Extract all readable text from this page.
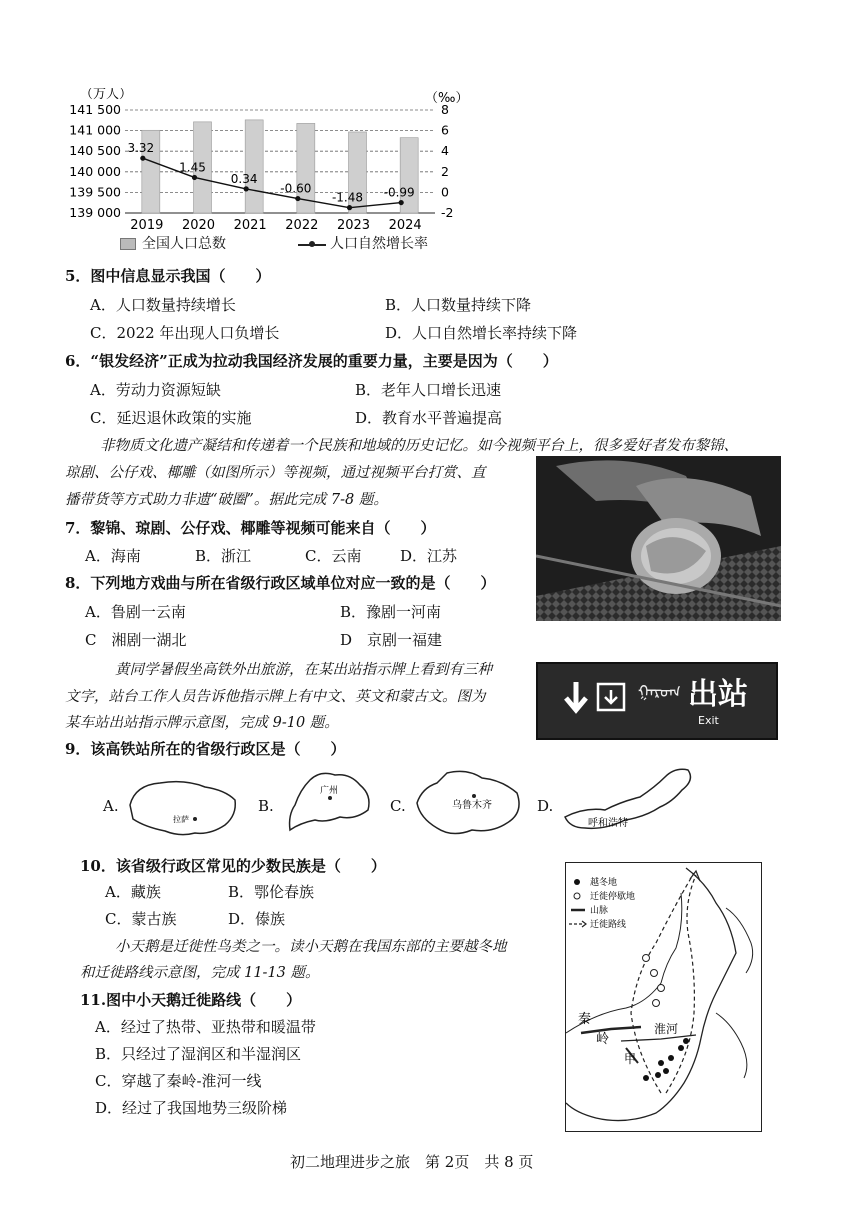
（万人）	（‰）
3.32
1.45
0.34
-0.60
-1.48 -0.99
141 500
141 000
140 500
140 000
139 500
139 000
8
6
4
2
0
-2
2019 2020 2021 2022 2023 2024
全国人口总数	人口自然增长率
5．图中信息显示我国（　　）
A．人口数量持续增长	B．人口数量持续下降
C．2022 年出现人口负增长	D．人口自然增长率持续下降
6．“银发经济”正成为拉动我国经济发展的重要力量，主要是因为（　　）
A．劳动力资源短缺	B．老年人口增长迅速
C．延迟退休政策的实施	D．教育水平普遍提高
非物质文化遗产凝结和传递着一个民族和地域的历史记忆。如今视频平台上，很多爱好者发布黎锦、
琼剧、公仔戏、椰雕（如图所示）等视频，通过视频平台打赏、直
播带货等方式助力非遗“破圈”。据此完成 7-8 题。
7．黎锦、琼剧、公仔戏、椰雕等视频可能来自（　　）
A．海南	B．浙江	C．云南	D．江苏
8．下列地方戏曲与所在省级行政区域单位对应一致的是（　　）
A．鲁剧一云南	B．豫剧一河南
C　湘剧一湖北	D　京剧一福建
黄同学暑假坐高铁外出旅游，在某出站指示牌上看到有三种
文字，站台工作人员告诉他指示牌上有中文、英文和蒙古文。图为
某车站出站指示牌示意图，完成 9-10 题。
ᠭᠠᠷᠤᠭ 出站
Exit
9．该高铁站所在的省级行政区是（　　）
A.
拉萨
B.
广州
C.	乌鲁木齐	D.
呼和浩特
10．该省级行政区常见的少数民族是（　　）
A．藏族	B．鄂伦春族
C．蒙古族	D．傣族
小天鹅是迁徙性鸟类之一。读小天鹅在我国东部的主要越冬地
和迁徙路线示意图，完成 11-13 题。
11.图中小天鹅迁徙路线（　　）
A．经过了热带、亚热带和暖温带
B．只经过了湿润区和半湿润区
C．穿越了秦岭-淮河一线
D．经过了我国地势三级阶梯
越冬地
迁徙停歇地
山脉
迁徙路线
秦
岭
淮河
甲
初二地理进步之旅　第 2页　共 8 页
